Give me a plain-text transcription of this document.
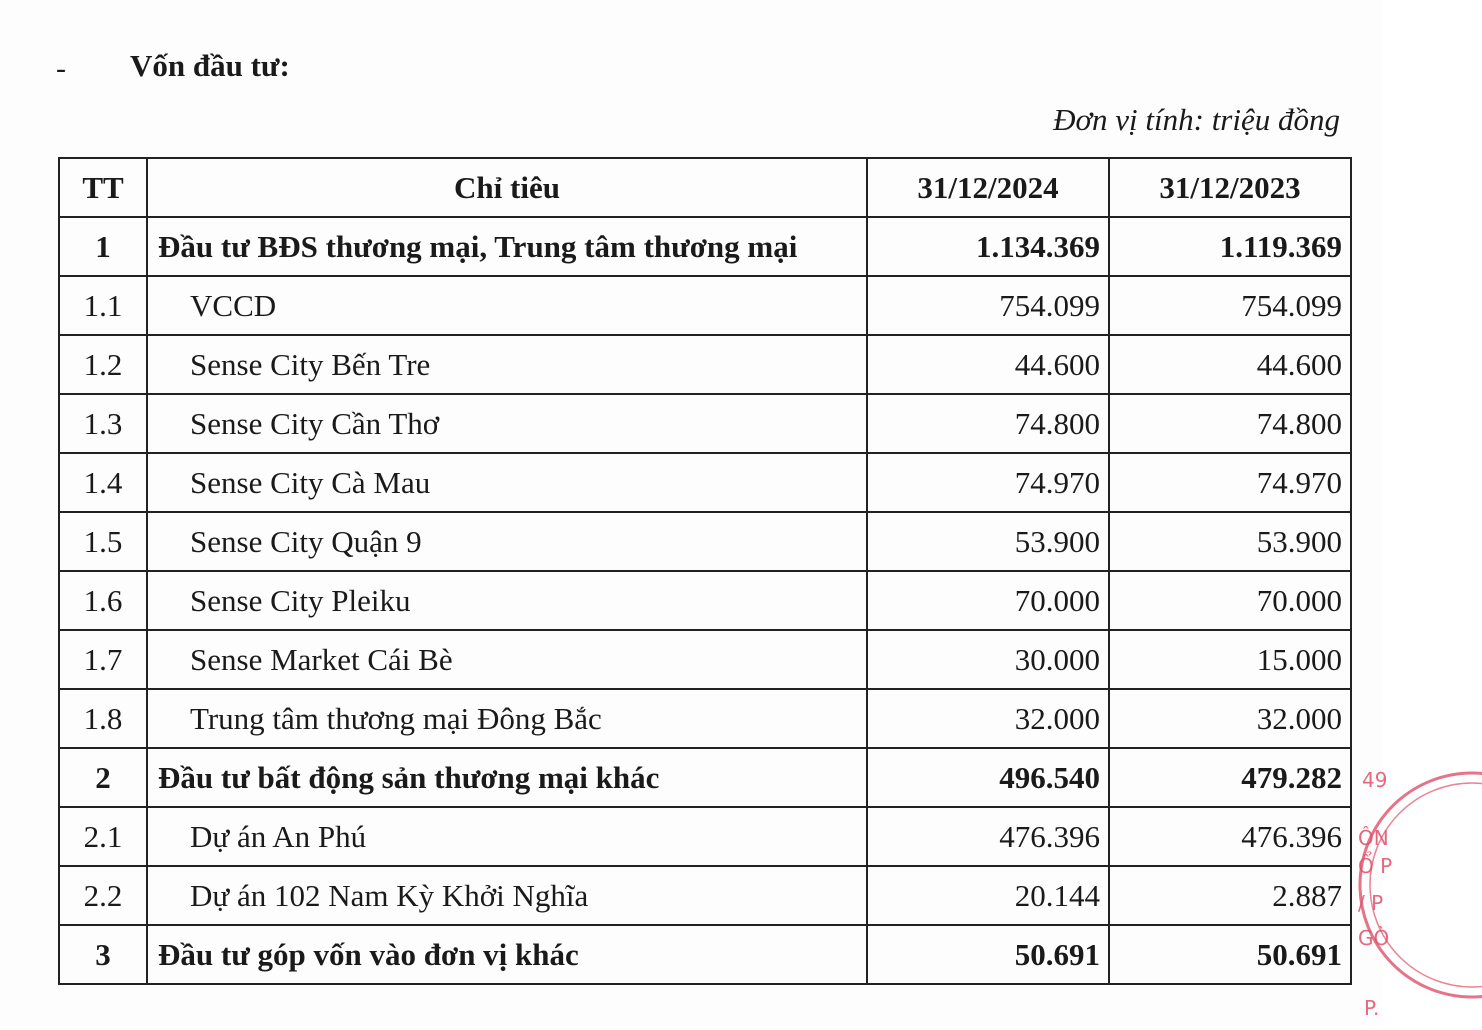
- Vốn đầu tư:
Đơn vị tính: triệu đồng
TT	Chỉ tiêu	31/12/2024	31/12/2023
1	Đầu tư BĐS thương mại, Trung tâm thương mại	1.134.369	1.119.369
1.1	VCCD	754.099	754.099
1.2	Sense City Bến Tre	44.600	44.600
1.3	Sense City Cần Thơ	74.800	74.800
1.4	Sense City Cà Mau	74.970	74.970
1.5	Sense City Quận 9	53.900	53.900
1.6	Sense City Pleiku	70.000	70.000
1.7	Sense Market Cái Bè	30.000	15.000
1.8	Trung tâm thương mại Đông Bắc	32.000	32.000
2	Đầu tư bất động sản thương mại khác	496.540	479.282
2.1	Dự án An Phú	476.396	476.396
2.2	Dự án 102 Nam Kỳ Khởi Nghĩa	20.144	2.887
3	Đầu tư góp vốn vào đơn vị khác	50.691	50.691
49
ÔN
Ổ P
/ P
GÒ
P.
